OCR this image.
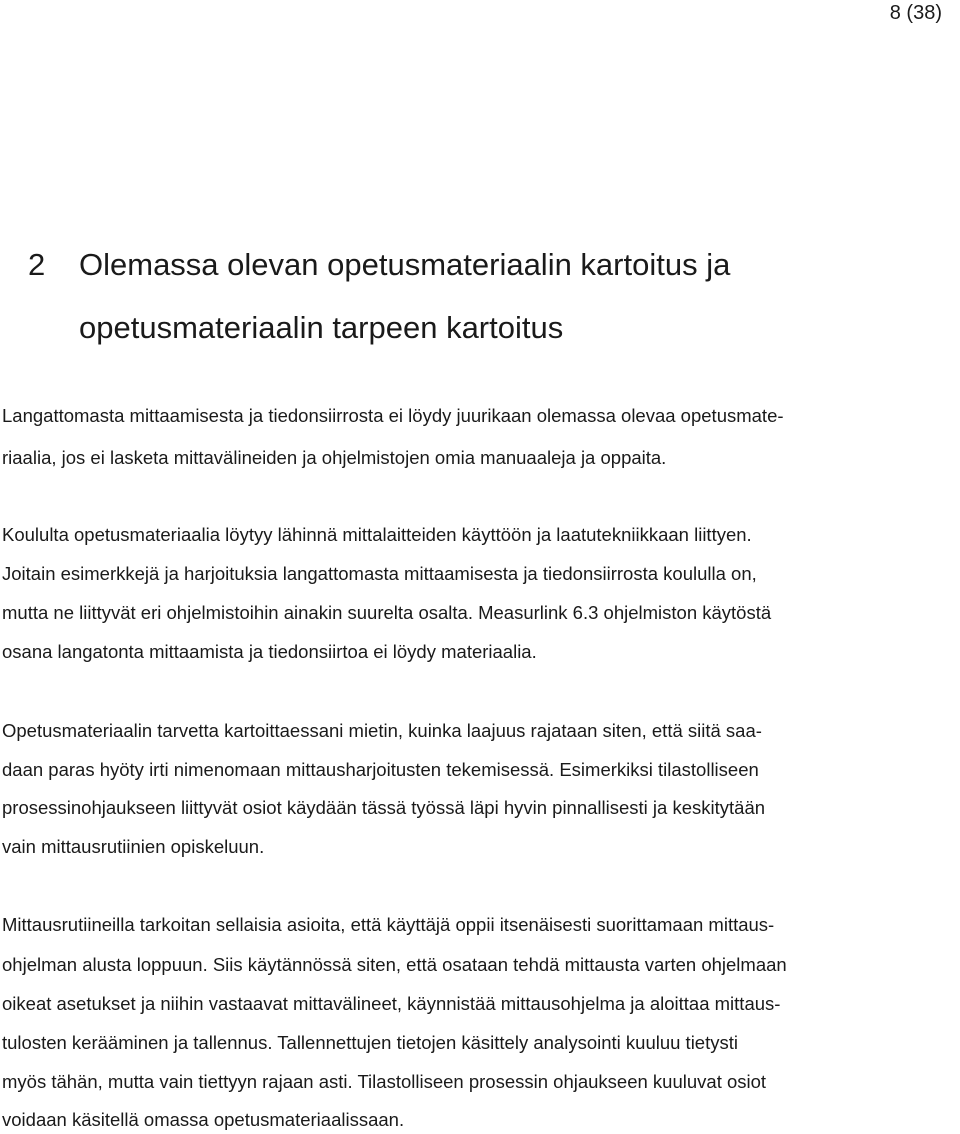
8 (38)
2 Olemassa olevan opetusmateriaalin kartoitus ja
opetusmateriaalin tarpeen kartoitus
Langattomasta mittaamisesta ja tiedonsiirrosta ei löydy juurikaan olemassa olevaa opetusmate-
riaalia, jos ei lasketa mittavälineiden ja ohjelmistojen omia manuaaleja ja oppaita.
Koululta opetusmateriaalia löytyy lähinnä mittalaitteiden käyttöön ja laatutekniikkaan liittyen.
Joitain esimerkkejä ja harjoituksia langattomasta mittaamisesta ja tiedonsiirrosta koululla on,
mutta ne liittyvät eri ohjelmistoihin ainakin suurelta osalta. Measurlink 6.3 ohjelmiston käytöstä
osana langatonta mittaamista ja tiedonsiirtoa ei löydy materiaalia.
Opetusmateriaalin tarvetta kartoittaessani mietin, kuinka laajuus rajataan siten, että siitä saa-
daan paras hyöty irti nimenomaan mittausharjoitusten tekemisessä. Esimerkiksi tilastolliseen
prosessinohjaukseen liittyvät osiot käydään tässä työssä läpi hyvin pinnallisesti ja keskitytään
vain mittausrutiinien opiskeluun.
Mittausrutiineilla tarkoitan sellaisia asioita, että käyttäjä oppii itsenäisesti suorittamaan mittaus-
ohjelman alusta loppuun. Siis käytännössä siten, että osataan tehdä mittausta varten ohjelmaan
oikeat asetukset ja niihin vastaavat mittavälineet, käynnistää mittausohjelma ja aloittaa mittaus-
tulosten kerääminen ja tallennus. Tallennettujen tietojen käsittely analysointi kuuluu tietysti
myös tähän, mutta vain tiettyyn rajaan asti. Tilastolliseen prosessin ohjaukseen kuuluvat osiot
voidaan käsitellä omassa opetusmateriaalissaan.
